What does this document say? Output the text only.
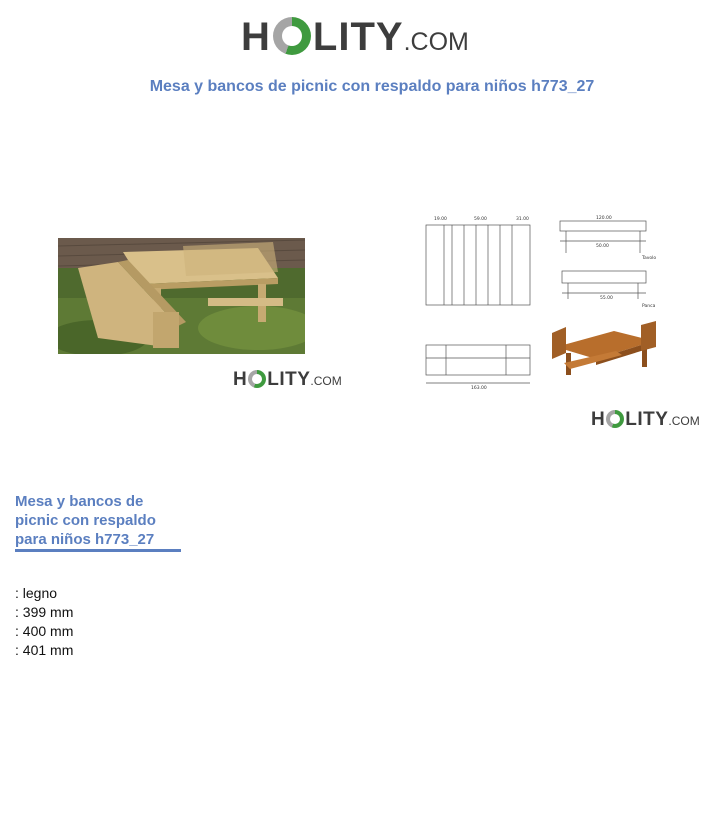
H LITY .COM
Mesa y bancos de picnic con respaldo para niños h773_27
H LITY .COM
19.00	59.00	31.00	120.00
163.00
50.00
55.00
Tavolo
Panca
H LITY .COM
Mesa y bancos de picnic con respaldo para niños h773_27
: legno
: 399 mm
: 400 mm
: 401 mm
